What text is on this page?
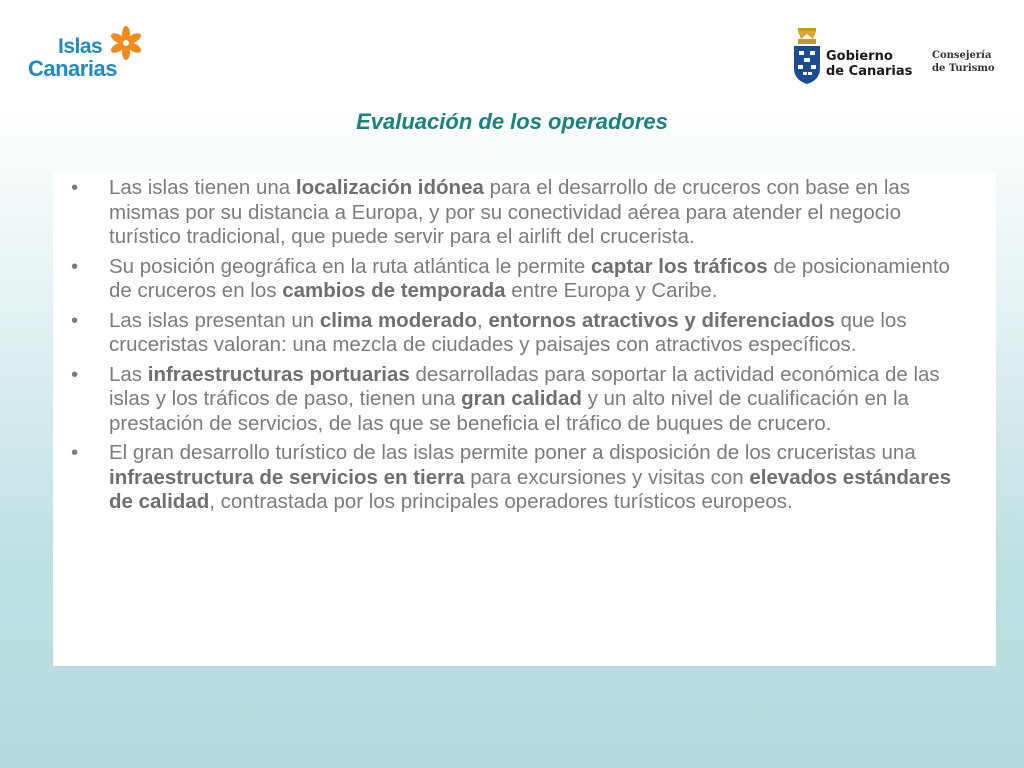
Islas
Canarias	Gobierno
de Canarias
Consejería
de Turismo
Evaluación de los operadores
• Las islas tienen una localización idónea para el desarrollo de cruceros con base en las mismas por su distancia a Europa, y por su conectividad aérea para atender el negocio turístico tradicional, que puede servir para el airlift del crucerista.
• Su posición geográfica en la ruta atlántica le permite captar los tráficos de posicionamiento de cruceros en los cambios de temporada entre Europa y Caribe.
• Las islas presentan un clima moderado, entornos atractivos y diferenciados que los cruceristas valoran: una mezcla de ciudades y paisajes con atractivos específicos.
• Las infraestructuras portuarias desarrolladas para soportar la actividad económica de las islas y los tráficos de paso, tienen una gran calidad y un alto nivel de cualificación en la prestación de servicios, de las que se beneficia el tráfico de buques de crucero.
• El gran desarrollo turístico de las islas permite poner a disposición de los cruceristas una infraestructura de servicios en tierra para excursiones y visitas con elevados estándares de calidad, contrastada por los principales operadores turísticos europeos.
